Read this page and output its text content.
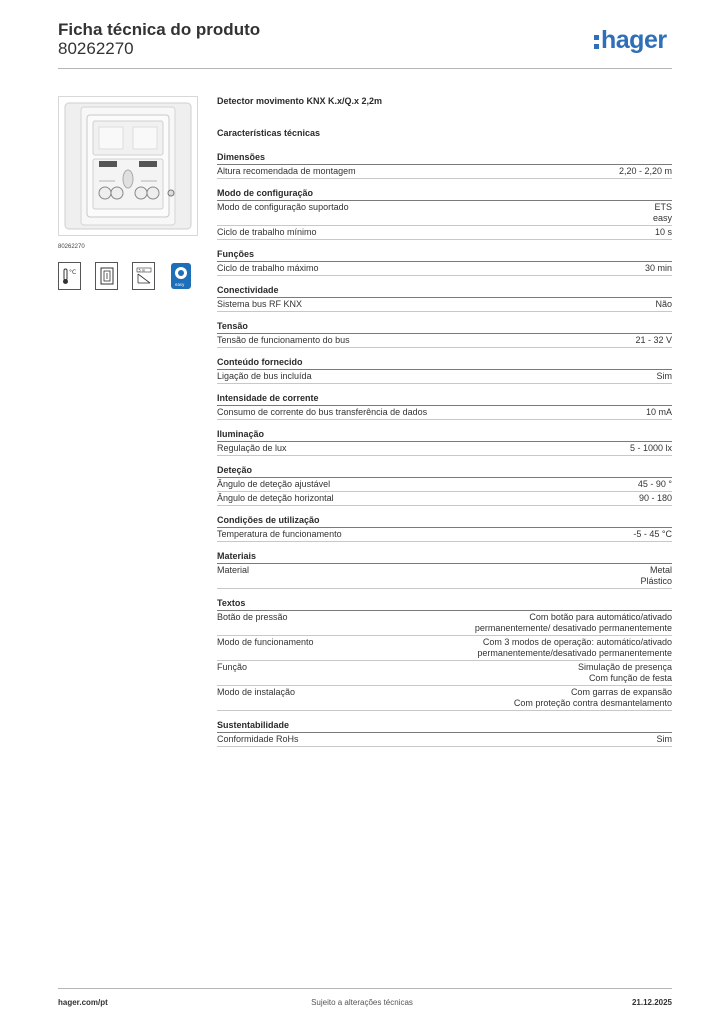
Ficha técnica do produto
80262270	hager
80262270
°C	5 m
easy
Detector movimento KNX K.x/Q.x 2,2m
Características técnicas
Dimensões
Altura recomendada de montagem	2,20 - 2,20 m
Modo de configuração
Modo de configuração suportado	ETS
easy
Ciclo de trabalho mínimo	10 s
Funções
Ciclo de trabalho máximo	30 min
Conectividade
Sistema bus RF KNX	Não
Tensão
Tensão de funcionamento do bus	21 - 32 V
Conteúdo fornecido
Ligação de bus incluída	Sim
Intensidade de corrente
Consumo de corrente do bus transferência de dados	10 mA
Iluminação
Regulação de lux	5 - 1000 lx
Deteção
Ângulo de deteção ajustável	45 - 90 °
Ângulo de deteção horizontal	90 - 180
Condições de utilização
Temperatura de funcionamento	-5 - 45 °C
Materiais
Material	Metal
Plástico
Textos
Botão de pressão	Com botão para automático/ativado
permanentemente/ desativado permanentemente
Modo de funcionamento	Com 3 modos de operação: automático/ativado
permanentemente/desativado permanentemente
Função	Simulação de presença
Com função de festa
Modo de instalação	Com garras de expansão
Com proteção contra desmantelamento
Sustentabilidade
Conformidade RoHs	Sim
hager.com/pt	Sujeito a alterações técnicas	21.12.2025
